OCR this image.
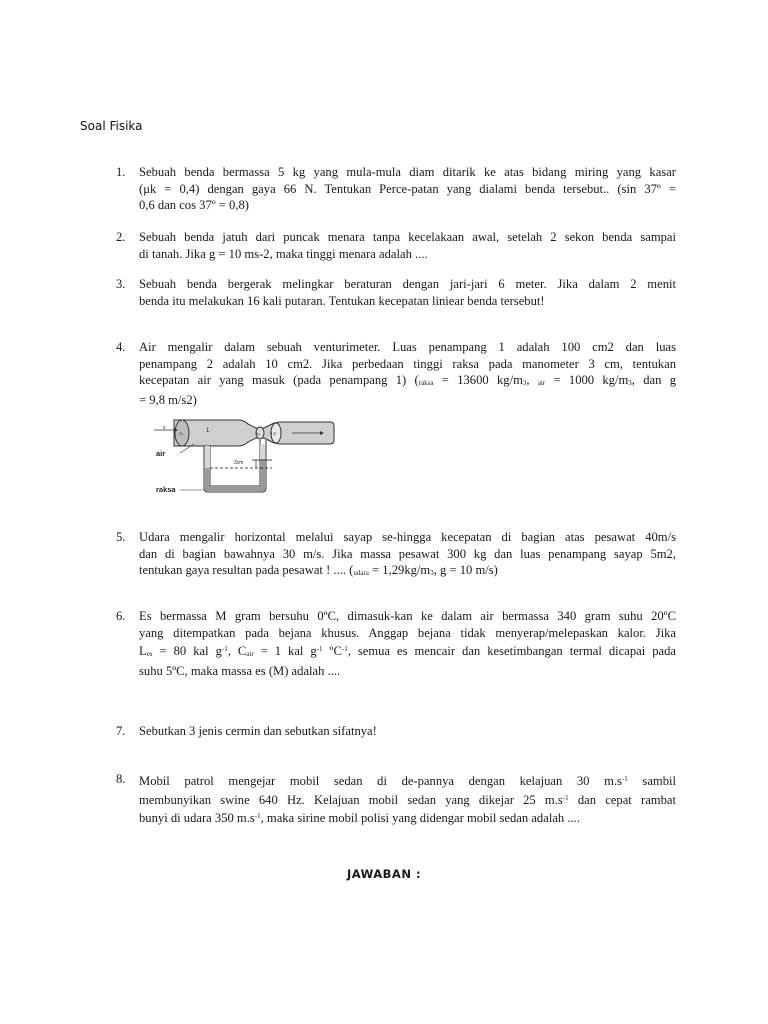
Soal Fisika
1. Sebuah benda bermassa 5 kg yang mula-mula diam ditarik ke atas bidang miring yang kasar
(μk = 0,4) dengan gaya 66 N. Tentukan Perce-patan yang dialami benda tersebut.. (sin 37º =
0,6 dan cos 37º = 0,8)
2. Sebuah benda jatuh dari puncak menara tanpa kecelakaan awal, setelah 2 sekon benda sampai
di tanah. Jika g = 10 ms-2, maka tinggi menara adalah ....
3. Sebuah benda bergerak melingkar beraturan dengan jari-jari 6 meter. Jika dalam 2 menit
benda itu melakukan 16 kali putaran. Tentukan kecepatan liniear benda tersebut!
4. Air mengalir dalam sebuah venturimeter. Luas penampang 1 adalah 100 cm2 dan luas
penampang 2 adalah 10 cm2. Jika perbedaan tinggi raksa pada manometer 3 cm, tentukan
kecepatan air yang masuk (pada penampang 1) (raksa = 13600 kg/m3, air = 1000 kg/m3, dan g
= 9,8 m/s2)
air
raksa
1
A₁	A₂ v 2
3cm
v
5. Udara mengalir horizontal melalui sayap se-hingga kecepatan di bagian atas pesawat 40m/s
dan di bagian bawahnya 30 m/s. Jika massa pesawat 300 kg dan luas penampang sayap 5m2,
tentukan gaya resultan pada pesawat ! .... (udara = 1,29kg/m3, g = 10 m/s)
6. Es bermassa M gram bersuhu 0ºC, dimasuk-kan ke dalam air bermassa 340 gram suhu 20ºC
yang ditempatkan pada bejana khusus. Anggap bejana tidak menyerap/melepaskan kalor. Jika
Les = 80 kal $g^{-1}$, Cair = 1 kal $g^{-1}$ ºC$^{-1}$, semua es mencair dan kesetimbangan termal dicapai pada
suhu 5ºC, maka massa es (M) adalah ....
7. Sebutkan 3 jenis cermin dan sebutkan sifatnya!
8. Mobil patrol mengejar mobil sedan di de-pannya dengan kelajuan 30 $m.s^{-1}$ sambil
membunyikan swine 640 Hz. Kelajuan mobil sedan yang dikejar 25 $m.s^{-1}$ dan cepat rambat
bunyi di udara 350 $m.s^{-1}$, maka sirine mobil polisi yang didengar mobil sedan adalah ....
JAWABAN :
